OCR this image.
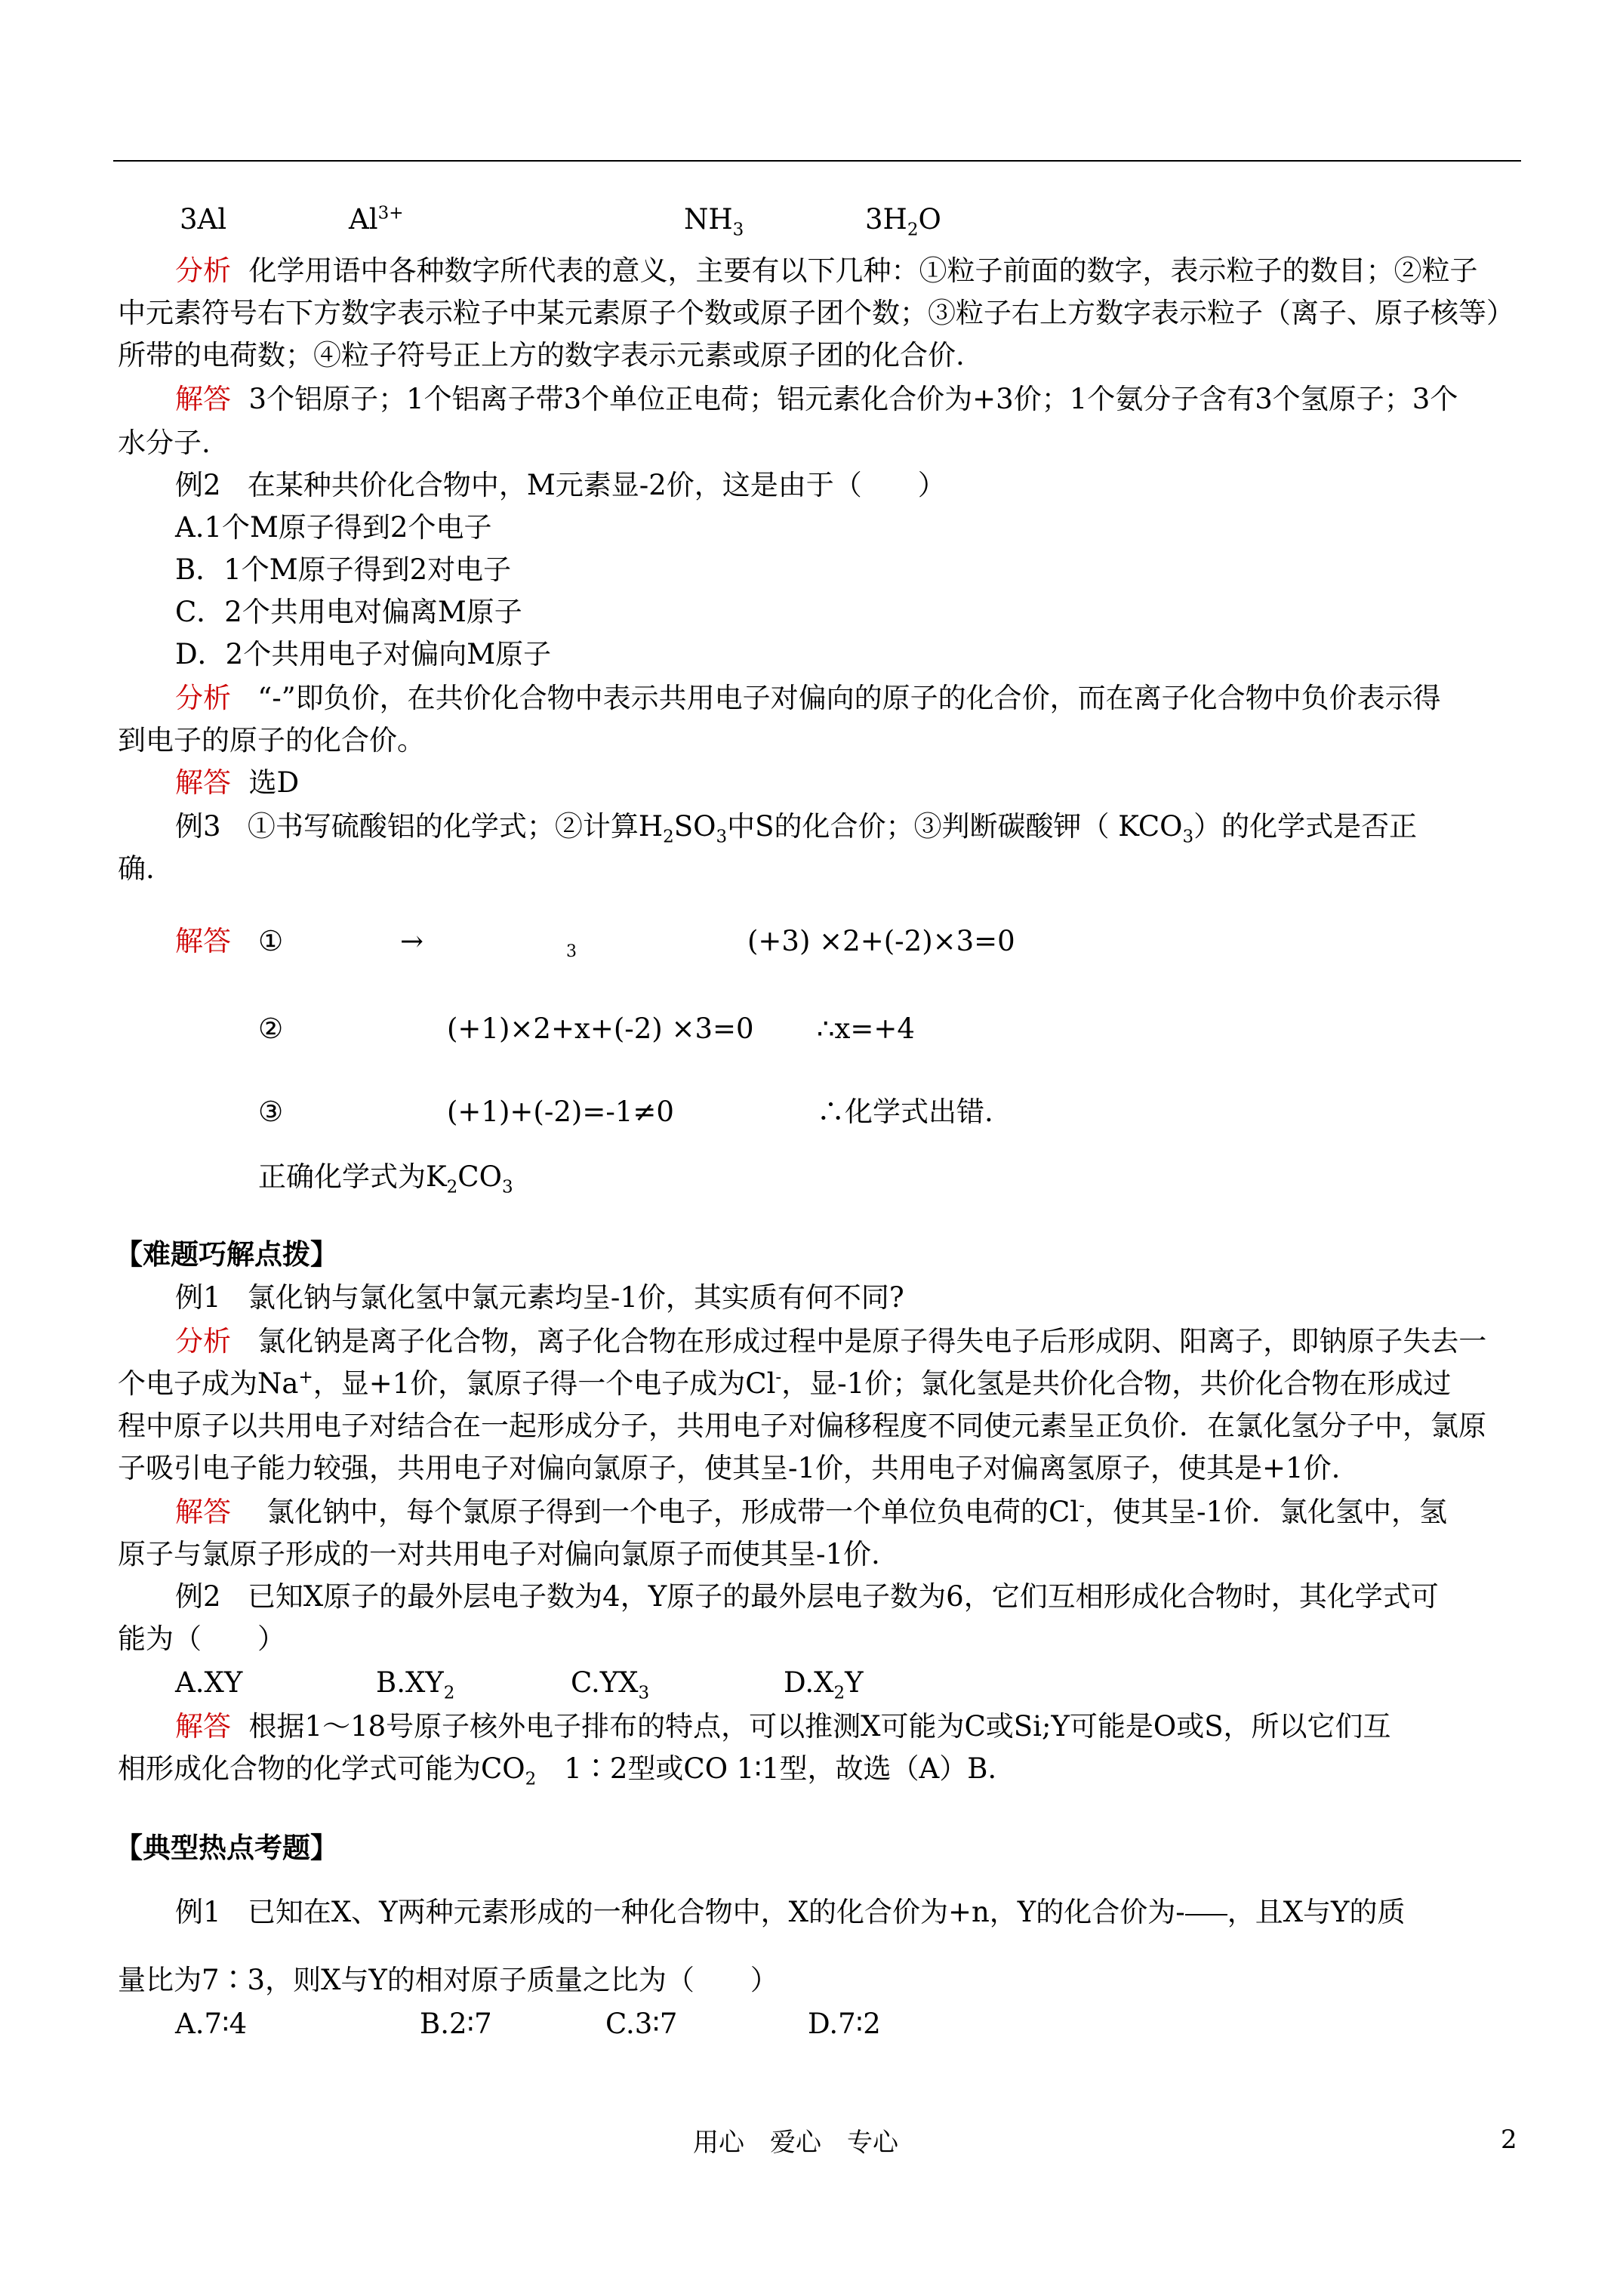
3Al	$Al^{3+}$	$NH_3$	$3H_2O$
分析 化学用语中各种数字所代表的意义，主要有以下几种：①粒子前面的数字，表示粒子的数目；②粒子
中元素符号右下方数字表示粒子中某元素原子个数或原子团个数；③粒子右上方数字表示粒子（离子、原子核等）
所带的电荷数；④粒子符号正上方的数字表示元素或原子团的化合价.
解答 3个铝原子；1个铝离子带3个单位正电荷；铝元素化合价为+3价；1个氨分子含有3个氢原子；3个
水分子.
例2 在某种共价化合物中，M元素显-2价，这是由于（　　）
A.1个M原子得到2个电子
B．1个M原子得到2对电子
C．2个共用电对偏离M原子
D．2个共用电子对偏向M原子
分析 “-”即负价，在共价化合物中表示共用电子对偏向的原子的化合价，而在离子化合物中负价表示得
到电子的原子的化合价。
解答 选D
例3 ①书写硫酸铝的化学式；②计算$H_2SO_3$中S的化合价；③判断碳酸钾（ $KCO_3$）的化学式是否正
确.
解答 ①	→	3	(+3) ×2+(-2)×3=0
②	(+1)×2+x+(-2) ×3=0 ∴x=+4
③	(+1)+(-2)=-1≠0	∴化学式出错.
正确化学式为$K_2CO_3$
【难题巧解点拨】
例1 氯化钠与氯化氢中氯元素均呈-1价，其实质有何不同?
分析 氯化钠是离子化合物，离子化合物在形成过程中是原子得失电子后形成阴、阳离子，即钠原子失去一
个电子成为Na+，显+1价，氯原子得一个电子成为Cl-，显-1价；氯化氢是共价化合物，共价化合物在形成过
程中原子以共用电子对结合在一起形成分子，共用电子对偏移程度不同使元素呈正负价．在氯化氢分子中，氯原
子吸引电子能力较强，共用电子对偏向氯原子，使其呈-1价，共用电子对偏离氢原子，使其是+1价.
解答 氯化钠中，每个氯原子得到一个电子，形成带一个单位负电荷的Cl-，使其呈-1价．氯化氢中，氢
原子与氯原子形成的一对共用电子对偏向氯原子而使其呈-1价.
例2 已知X原子的最外层电子数为4，Y原子的最外层电子数为6，它们互相形成化合物时，其化学式可
能为（　　）
A.XY	$B.XY_2$	$C.YX_3$	$D.X_2Y$
解答 根据1～18号原子核外电子排布的特点，可以推测X可能为C或Si;Y可能是O或S，所以它们互
相形成化合物的化学式可能为$CO_2$　1∶2型或CO 1∶1型，故选（A）B.
【典型热点考题】
例1 已知在X、Y两种元素形成的一种化合物中，X的化合价为+n，Y的化合价为- ，且X与Y的质
量比为7∶3，则X与Y的相对原子质量之比为（　　）
A.7∶4	B.2∶7	C.3∶7	D.7∶2
用心　爱心　专心	2
